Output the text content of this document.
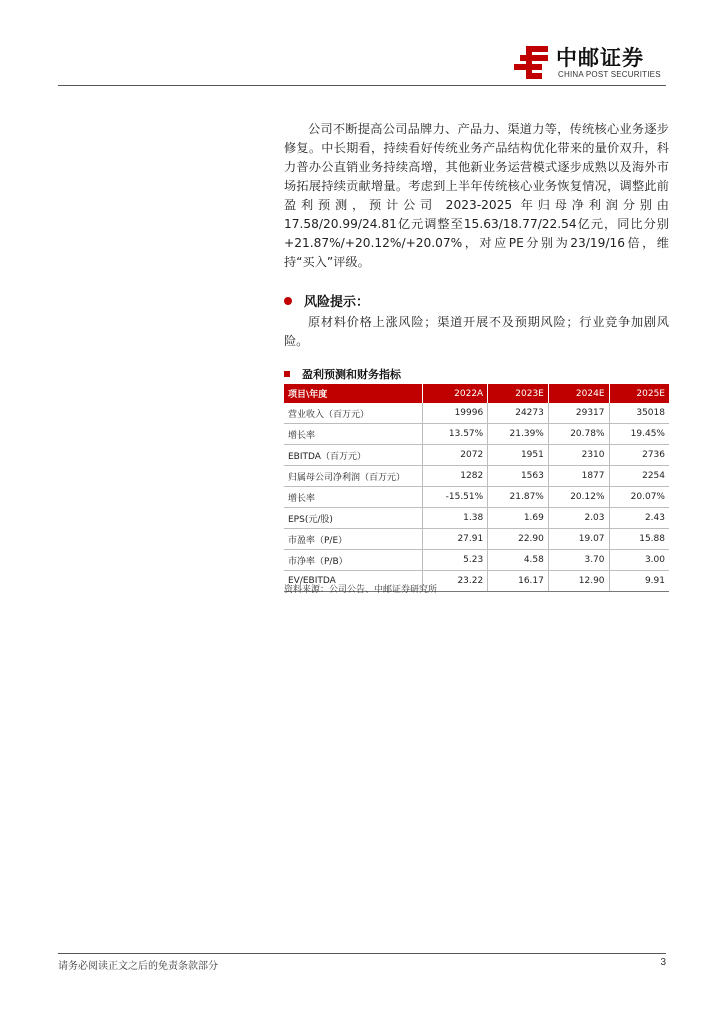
中邮证券
CHINA POST SECURITIES

公司不断提高公司品牌力、产品力、渠道力等，传统核心业务逐步修复。中长期看，持续看好传统业务产品结构优化带来的量价双升，科力普办公直销业务持续高增，其他新业务运营模式逐步成熟以及海外市场拓展持续贡献增量。考虑到上半年传统核心业务恢复情况，调整此前盈利预测，预计公司 2023-2025 年归母净利润分别由17.58/20.99/24.81亿元调整至15.63/18.77/22.54亿元，同比分别+21.87%/+20.12%/+20.07%，对应PE分别为23/19/16倍，维持“买入”评级。

风险提示：

原材料价格上涨风险；渠道开展不及预期风险；行业竞争加剧风险。

盈利预测和财务指标
项目\年度	2022A	2023E	2024E	2025E
营业收入（百万元）	19996	24273	29317	35018
增长率	13.57%	21.39%	20.78%	19.45%
EBITDA（百万元）	2072	1951	2310	2736
归属母公司净利润（百万元）	1282	1563	1877	2254
增长率	-15.51%	21.87%	20.12%	20.07%
EPS(元/股)	1.38	1.69	2.03	2.43
市盈率（P/E）	27.91	22.90	19.07	15.88
市净率（P/B）	5.23	4.58	3.70	3.00
EV/EBITDA	23.22	16.17	12.90	9.91
资料来源：公司公告、中邮证券研究所
请务必阅读正文之后的免责条款部分	3
